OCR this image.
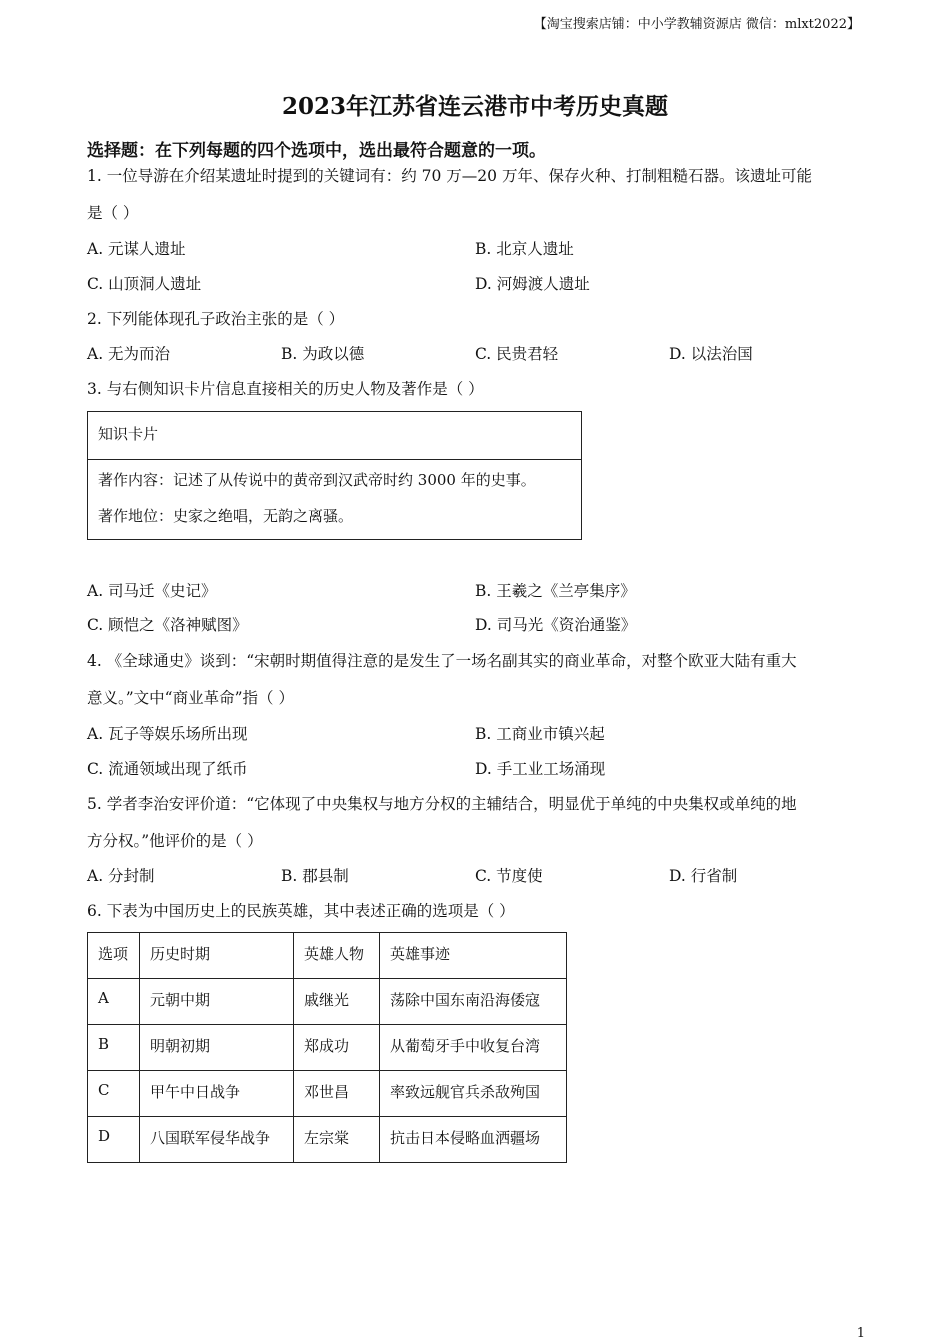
【淘宝搜索店铺：中小学教辅资源店 微信：mlxt2022】
2023年江苏省连云港市中考历史真题
选择题：在下列每题的四个选项中，选出最符合题意的一项。
1. 一位导游在介绍某遗址时提到的关键词有：约 70 万—20 万年、保存火种、打制粗糙石器。该遗址可能
是（ ）
A. 元谋人遗址	B. 北京人遗址
C. 山顶洞人遗址	D. 河姆渡人遗址
2. 下列能体现孔子政治主张的是（ ）
A. 无为而治	B. 为政以德	C. 民贵君轻	D. 以法治国
3. 与右侧知识卡片信息直接相关的历史人物及著作是（ ）
知识卡片
著作内容：记述了从传说中的黄帝到汉武帝时约 3000 年的史事。
著作地位：史家之绝唱，无韵之离骚。
A. 司马迁《史记》	B. 王羲之《兰亭集序》
C. 顾恺之《洛神赋图》	D. 司马光《资治通鉴》
4. 《全球通史》谈到：“宋朝时期值得注意的是发生了一场名副其实的商业革命，对整个欧亚大陆有重大
意义。”文中“商业革命”指（ ）
A. 瓦子等娱乐场所出现	B. 工商业市镇兴起
C. 流通领域出现了纸币	D. 手工业工场涌现
5. 学者李治安评价道：“它体现了中央集权与地方分权的主辅结合，明显优于单纯的中央集权或单纯的地
方分权。”他评价的是（ ）
A. 分封制	B. 郡县制	C. 节度使	D. 行省制
6. 下表为中国历史上的民族英雄，其中表述正确的选项是（ ）
选项	历史时期	英雄人物	英雄事迹
A	元朝中期	戚继光	荡除中国东南沿海倭寇
B	明朝初期	郑成功	从葡萄牙手中收复台湾
C	甲午中日战争	邓世昌	率致远舰官兵杀敌殉国
D	八国联军侵华战争	左宗棠	抗击日本侵略血洒疆场
1
